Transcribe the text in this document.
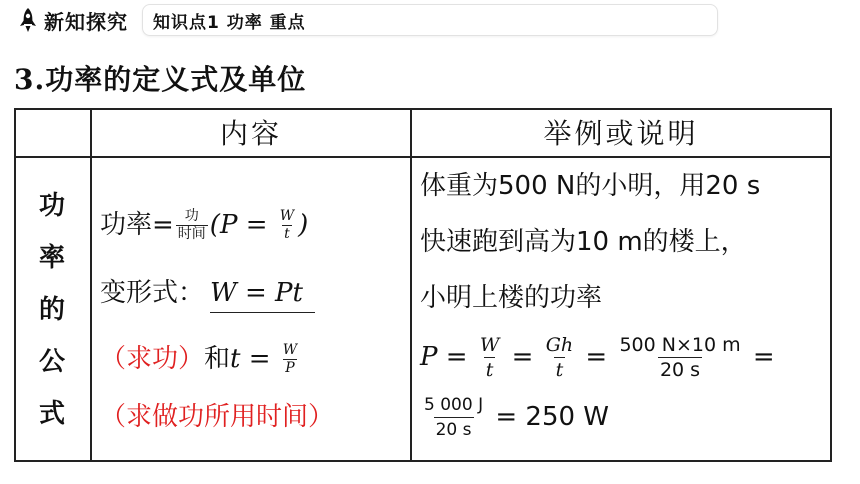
新知探究 知识点1 功率 重点
3.功率的定义式及单位
内容	举例或说明
功
率
的
公
式
功率= $\frac{\text{功}}{\text{时间}} (P = \frac{W}{t}$ )
变形式： W = Pt
（求功）和$t = \frac{W}{P}$
（求做功所用时间）
体重为500 N的小明，用20 s
快速跑到高为10 m的楼上，
小明上楼的功率
$P = \frac{W}{t} = \frac{Gh}{t} = \frac{500 N\times 10 m}{20 s}$ =
$\frac{5 000 J}{20 s} = 250$ W
